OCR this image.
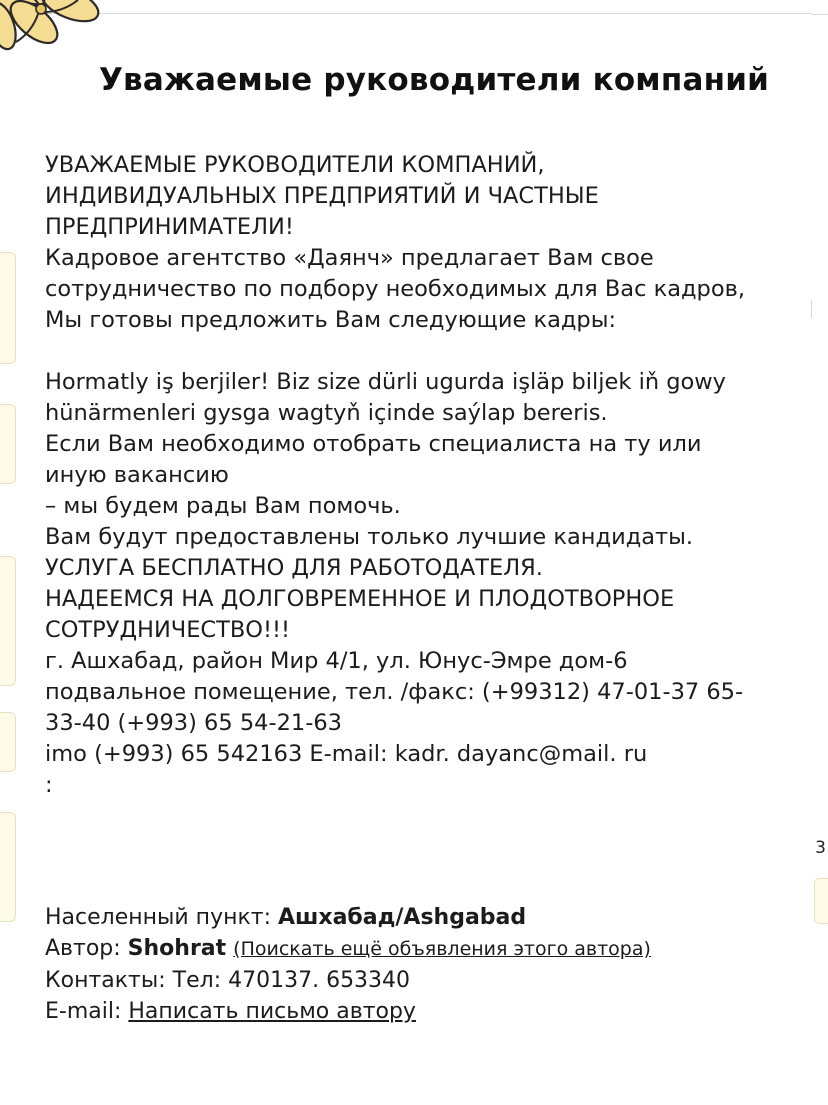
3
Уважаемые руководители компаний

УВАЖАЕМЫЕ РУКОВОДИТЕЛИ КОМПАНИЙ,

ИНДИВИДУАЛЬНЫХ ПРЕДПРИЯТИЙ И ЧАСТНЫЕ

ПРЕДПРИНИМАТЕЛИ!

Кадровое агентство «Даянч» предлагает Вам свое

сотрудничество по подбору необходимых для Вас кадров,

Мы готовы предложить Вам следующие кадры:

Hormatly iş berjiler! Biz size dürli ugurda işläp biljek iň gowy

hünärmenleri gysga wagtyň içinde saýlap bereris.

Если Вам необходимо отобрать специалиста на ту или

иную вакансию

– мы будем рады Вам помочь.

Вам будут предоставлены только лучшие кандидаты.

УСЛУГА БЕСПЛАТНО ДЛЯ РАБОТОДАТЕЛЯ.

НАДЕЕМСЯ НА ДОЛГОВРЕМЕННОЕ И ПЛОДОТВОРНОЕ

СОТРУДНИЧЕСТВО!!!

г. Ашхабад, район Мир 4/1, ул. Юнус-Эмре дом-6

подвальное помещение, тел. /факс: (+99312) 47-01-37 65-

33-40 (+993) 65 54-21-63

imo (+993) 65 542163 E-mail: kadr. dayanc@mail. ru

:

Населенный пункт: Ашхабад/Ashgabad

Автор: Shohrat (Поискать ещё объявления этого автора)

Контакты: Тел: 470137. 653340

E-mail: Написать письмо автору
